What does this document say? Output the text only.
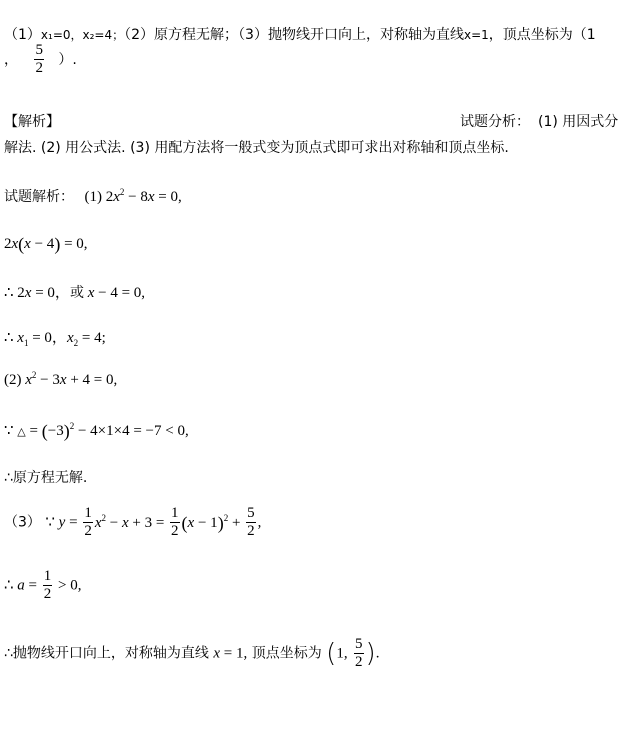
（1）x₁=0，x₂=4；（2）原方程无解；（3）抛物线开口向上，对称轴为直线x=1，顶点坐标为（1
， $\frac{5}{2}$ ）.
【解析】	试题分析： (1) 用因式分
解法. (2) 用公式法. (3) 用配方法将一般式变为顶点式即可求出对称轴和顶点坐标.
试题解析： (1) $2x^2 - 8x = 0$,
2x(x − 4) = 0,
∴ 2x = 0，或 x − 4 = 0,
∴ $x_1 = 0$，$x_2 = 4$;
(2) $x^2 - 3x + 4 = 0$,
∵ △ = $(-3)^2 - 4\times 1\times 4 = -7 < 0$,
∴原方程无解.
（3） ∵ $y = \frac{1}{2} x^2 - x + 3 = \frac{1}{2} (x - 1)^2 + \frac{5}{2}$ ,
∴ $a = \frac{1}{2} > 0$,
∴抛物线开口向上，对称轴为直线 x = 1, 顶点坐标为 (1, $\frac{5}{2}$ ).
